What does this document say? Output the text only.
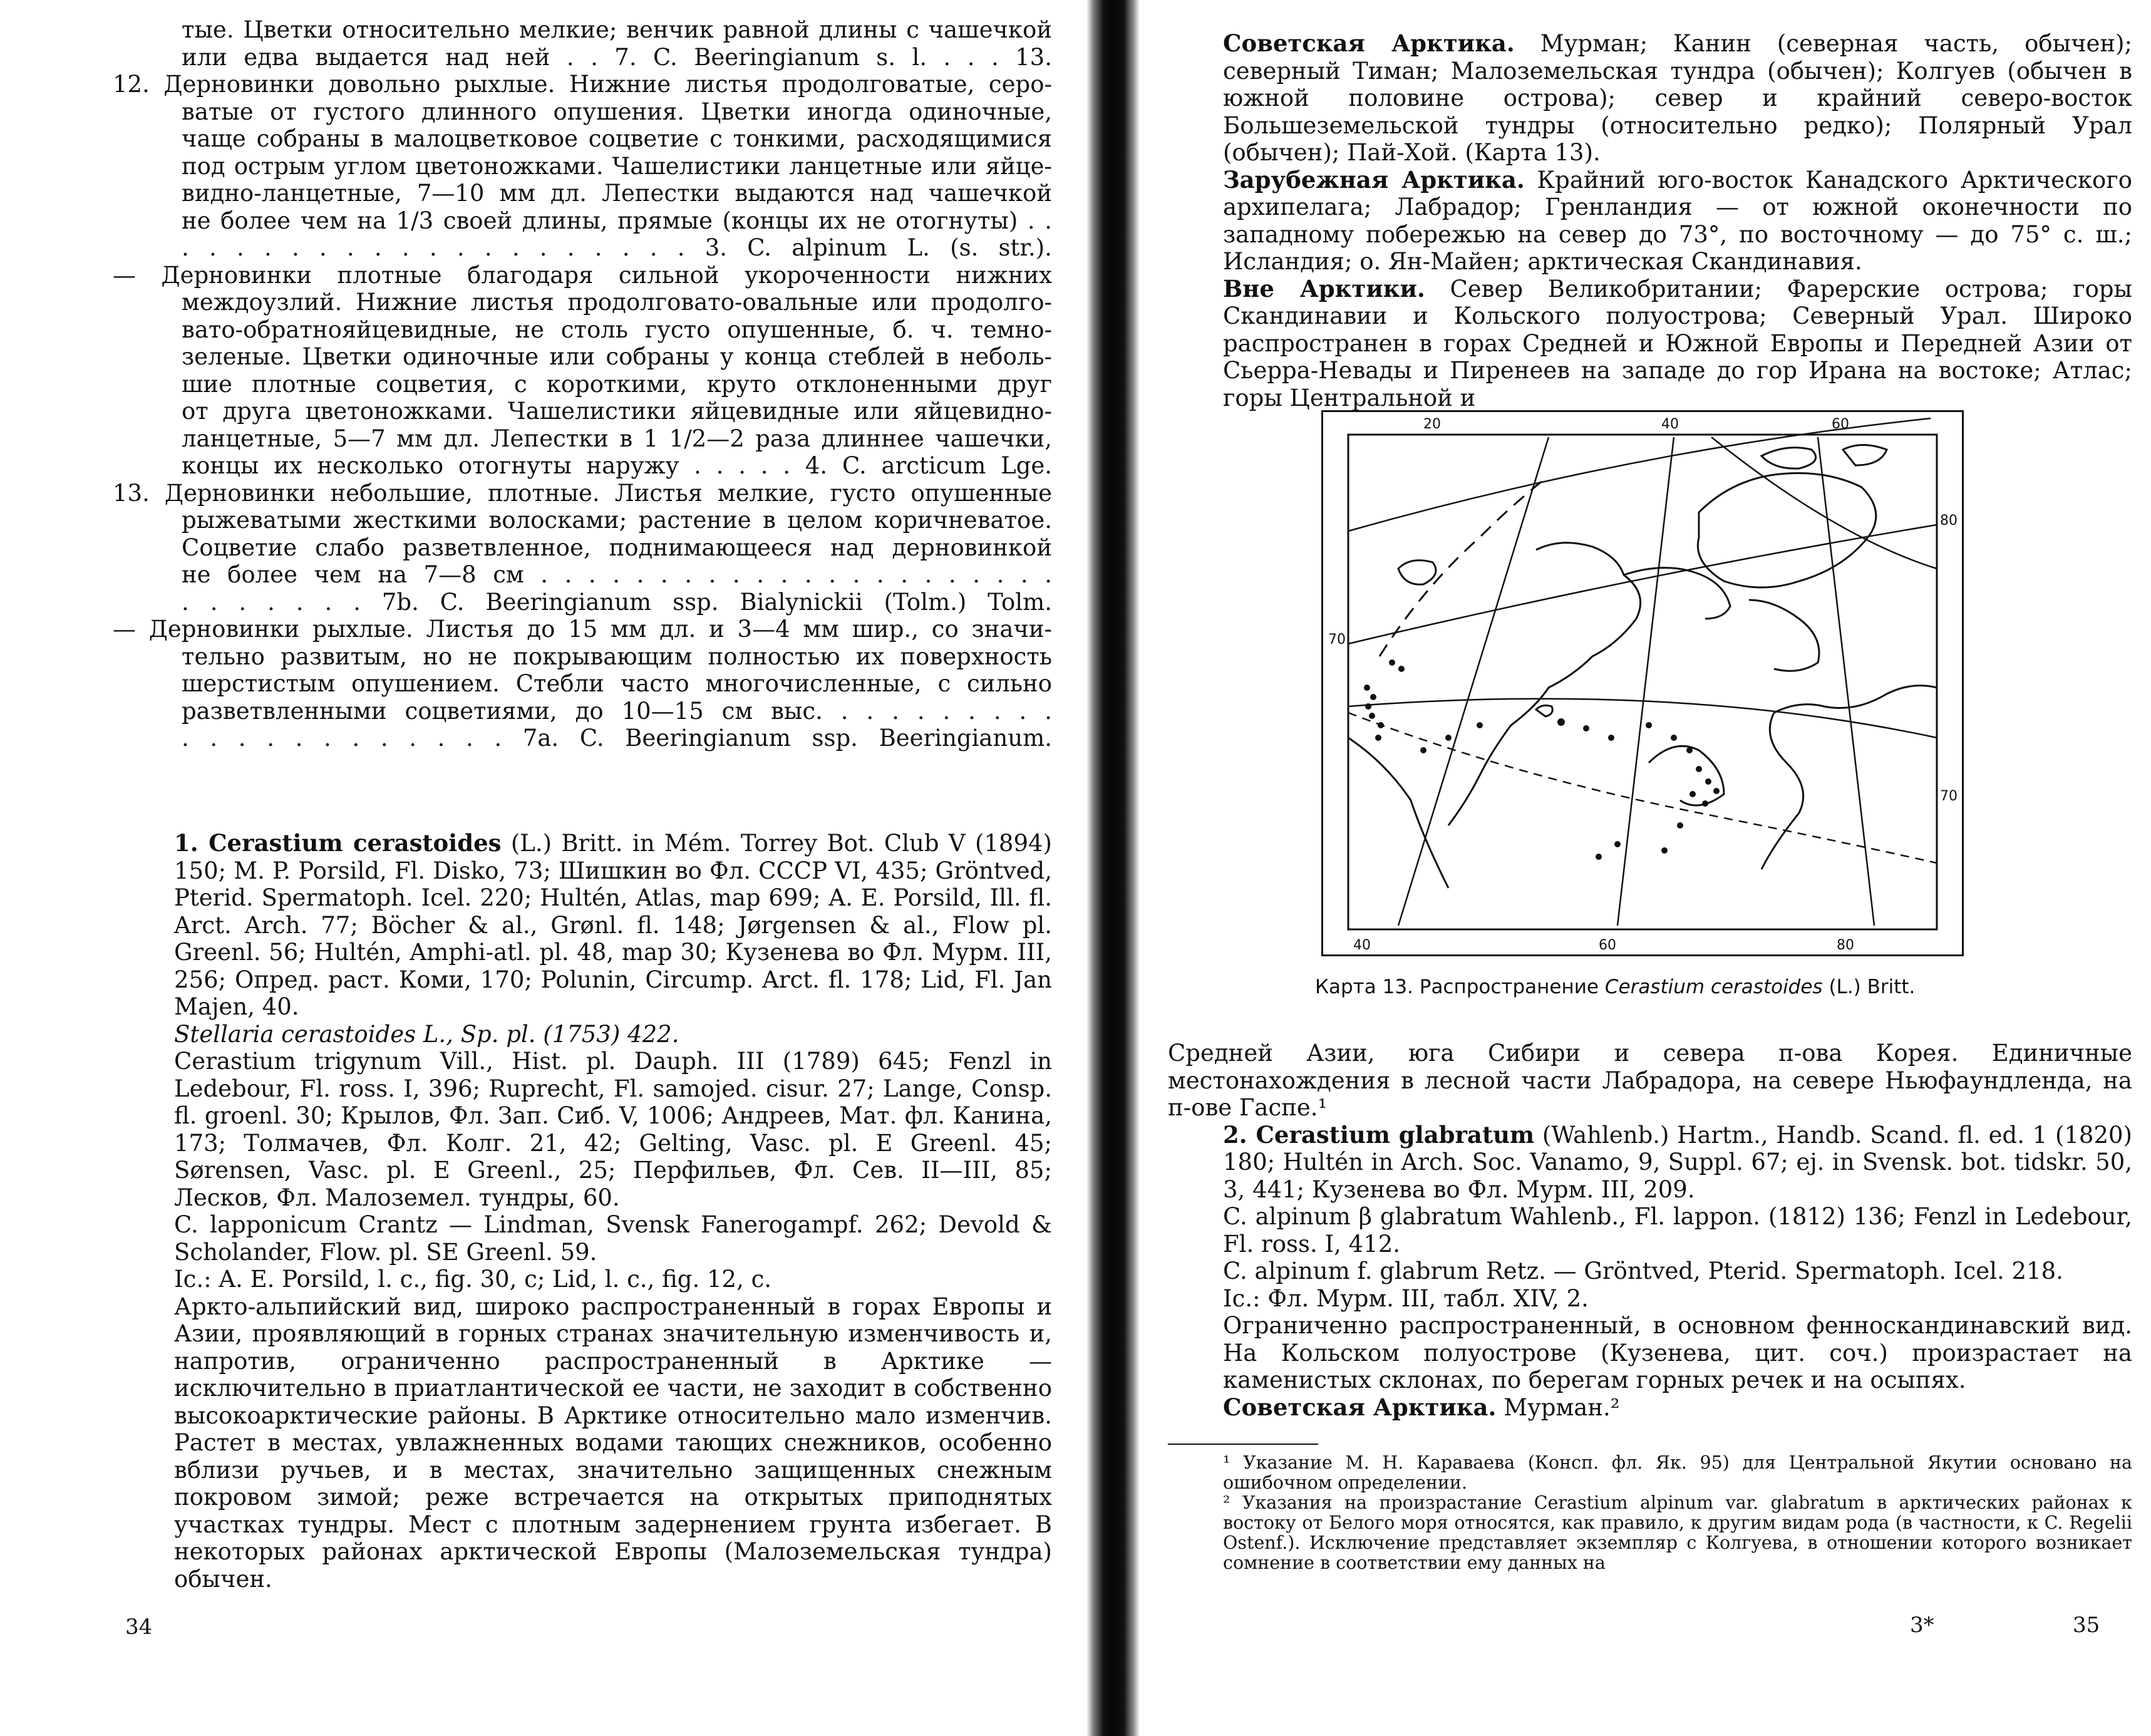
тые. Цветки относительно мелкие; венчик равной длины с чашечкой

или едва выдается над ней . . 7. C. Beeringianum s. l. . . . 13.

12. Дерновинки довольно рыхлые. Нижние листья продолговатые, серо-

ватые от густого длинного опушения. Цветки иногда одиночные,

чаще собраны в малоцветковое соцветие с тонкими, расходящимися

под острым углом цветоножками. Чашелистики ланцетные или яйце-

видно-ланцетные, 7—10 мм дл. Лепестки выдаются над чашечкой

не более чем на 1/3 своей длины, прямые (концы их не отогнуты) . .

. . . . . . . . . . . . . . . . . . . 3. C. alpinum L. (s. str.).

— Дерновинки плотные благодаря сильной укороченности нижних

междоузлий. Нижние листья продолговато-овальные или продолго-

вато-обратнояйцевидные, не столь густо опушенные, б. ч. темно-

зеленые. Цветки одиночные или собраны у конца стеблей в неболь-

шие плотные соцветия, с короткими, круто отклоненными друг

от друга цветоножками. Чашелистики яйцевидные или яйцевидно-

ланцетные, 5—7 мм дл. Лепестки в 1 1/2—2 раза длиннее чашечки,

концы их несколько отогнуты наружу . . . . . 4. C. arcticum Lge.

13. Дерновинки небольшие, плотные. Листья мелкие, густо опушенные

рыжеватыми жесткими волосками; растение в целом коричневатое.

Соцветие слабо разветвленное, поднимающееся над дерновинкой

не более чем на 7—8 см . . . . . . . . . . . . . . . . . . . . . .

. . . . . . . 7b. C. Beeringianum ssp. Bialynickii (Tolm.) Tolm.

— Дерновинки рыхлые. Листья до 15 мм дл. и 3—4 мм шир., со значи-

тельно развитым, но не покрывающим полностью их поверхность

шерстистым опушением. Стебли часто многочисленные, с сильно

разветвленными соцветиями, до 10—15 см выс. . . . . . . . . .

. . . . . . . . . . . . 7a. C. Beeringianum ssp. Beeringianum.

1. Cerastium cerastoides (L.) Britt. in Mém. Torrey Bot. Club V (1894) 150; M. P. Porsild, Fl. Disko, 73; Шишкин во Фл. СССР VI, 435; Gröntved, Pterid. Spermatoph. Icel. 220; Hultén, Atlas, map 699; A. E. Porsild, Ill. fl. Arct. Arch. 77; Böcher & al., Grønl. fl. 148; Jørgensen & al., Flow pl. Greenl. 56; Hultén, Amphi-atl. pl. 48, map 30; Кузенева во Фл. Мурм. III, 256; Опред. раст. Коми, 170; Polunin, Circump. Arct. fl. 178; Lid, Fl. Jan Majen, 40.

Stellaria cerastoides L., Sp. pl. (1753) 422.

Cerastium trigynum Vill., Hist. pl. Dauph. III (1789) 645; Fenzl in Ledebour, Fl. ross. I, 396; Ruprecht, Fl. samojed. cisur. 27; Lange, Consp. fl. groenl. 30; Крылов, Фл. Зап. Сиб. V, 1006; Андреев, Мат. фл. Канина, 173; Толмачев, Фл. Колг. 21, 42; Gelting, Vasc. pl. E Greenl. 45; Sørensen, Vasc. pl. E Greenl., 25; Перфильев, Фл. Сев. II—III, 85; Лесков, Фл. Малоземел. тундры, 60.

C. lapponicum Crantz — Lindman, Svensk Fanerogampf. 262; Devold & Scholander, Flow. pl. SE Greenl. 59.

Ic.: A. E. Porsild, l. c., fig. 30, c; Lid, l. c., fig. 12, c.

Аркто-альпийский вид, широко распространенный в горах Европы и Азии, проявляющий в горных странах значительную изменчивость и, напротив, ограниченно распространенный в Арктике — исключительно в приатлантической ее части, не заходит в собственно высокоарктические районы. В Арктике относительно мало изменчив. Растет в местах, увлажненных водами тающих снежников, особенно вблизи ручьев, и в местах, значительно защищенных снежным покровом зимой; реже встречается на открытых приподнятых участках тундры. Мест с плотным задернением грунта избегает. В некоторых районах арктической Европы (Малоземельская тундра) обычен.

34

Советская Арктика. Мурман; Канин (северная часть, обычен); северный Тиман; Малоземельская тундра (обычен); Колгуев (обычен в южной половине острова); север и крайний северо-восток Большеземельской тундры (относительно редко); Полярный Урал (обычен); Пай-Хой. (Карта 13).

Зарубежная Арктика. Крайний юго-восток Канадского Арктического архипелага; Лабрадор; Гренландия — от южной оконечности по западному побережью на север до 73°, по восточному — до 75° с. ш.; Исландия; о. Ян-Майен; арктическая Скандинавия.

Вне Арктики. Север Великобритании; Фарерские острова; горы Скандинавии и Кольского полуострова; Северный Урал. Широко распространен в горах Средней и Южной Европы и Передней Азии от Сьерра-Невады и Пиренеев на западе до гор Ирана на востоке; Атлас; горы Центральной и

20	40	60
80
70
70
40	60	80
Карта 13. Распространение Cerastium cerastoides (L.) Britt.

Средней Азии, юга Сибири и севера п-ова Корея. Единичные местонахождения в лесной части Лабрадора, на севере Ньюфаундленда, на п-ове Гаспе.¹

2. Cerastium glabratum (Wahlenb.) Hartm., Handb. Scand. fl. ed. 1 (1820) 180; Hultén in Arch. Soc. Vanamo, 9, Suppl. 67; ej. in Svensk. bot. tidskr. 50, 3, 441; Кузенева во Фл. Мурм. III, 209.

C. alpinum β glabratum Wahlenb., Fl. lappon. (1812) 136; Fenzl in Ledebour, Fl. ross. I, 412.

C. alpinum f. glabrum Retz. — Gröntved, Pterid. Spermatoph. Icel. 218.

Ic.: Фл. Мурм. III, табл. XIV, 2.

Ограниченно распространенный, в основном фенноскандинавский вид. На Кольском полуострове (Кузенева, цит. соч.) произрастает на каменистых склонах, по берегам горных речек и на осыпях.

Советская Арктика. Мурман.²

¹ Указание М. Н. Караваева (Консп. фл. Як. 95) для Центральной Якутии основано на ошибочном определении.

² Указания на произрастание Cerastium alpinum var. glabratum в арктических районах к востоку от Белого моря относятся, как правило, к другим видам рода (в частности, к C. Regelii Ostenf.). Исключение представляет экземпляр с Колгуева, в отношении которого возникает сомнение в соответствии ему данных на

3*	35
